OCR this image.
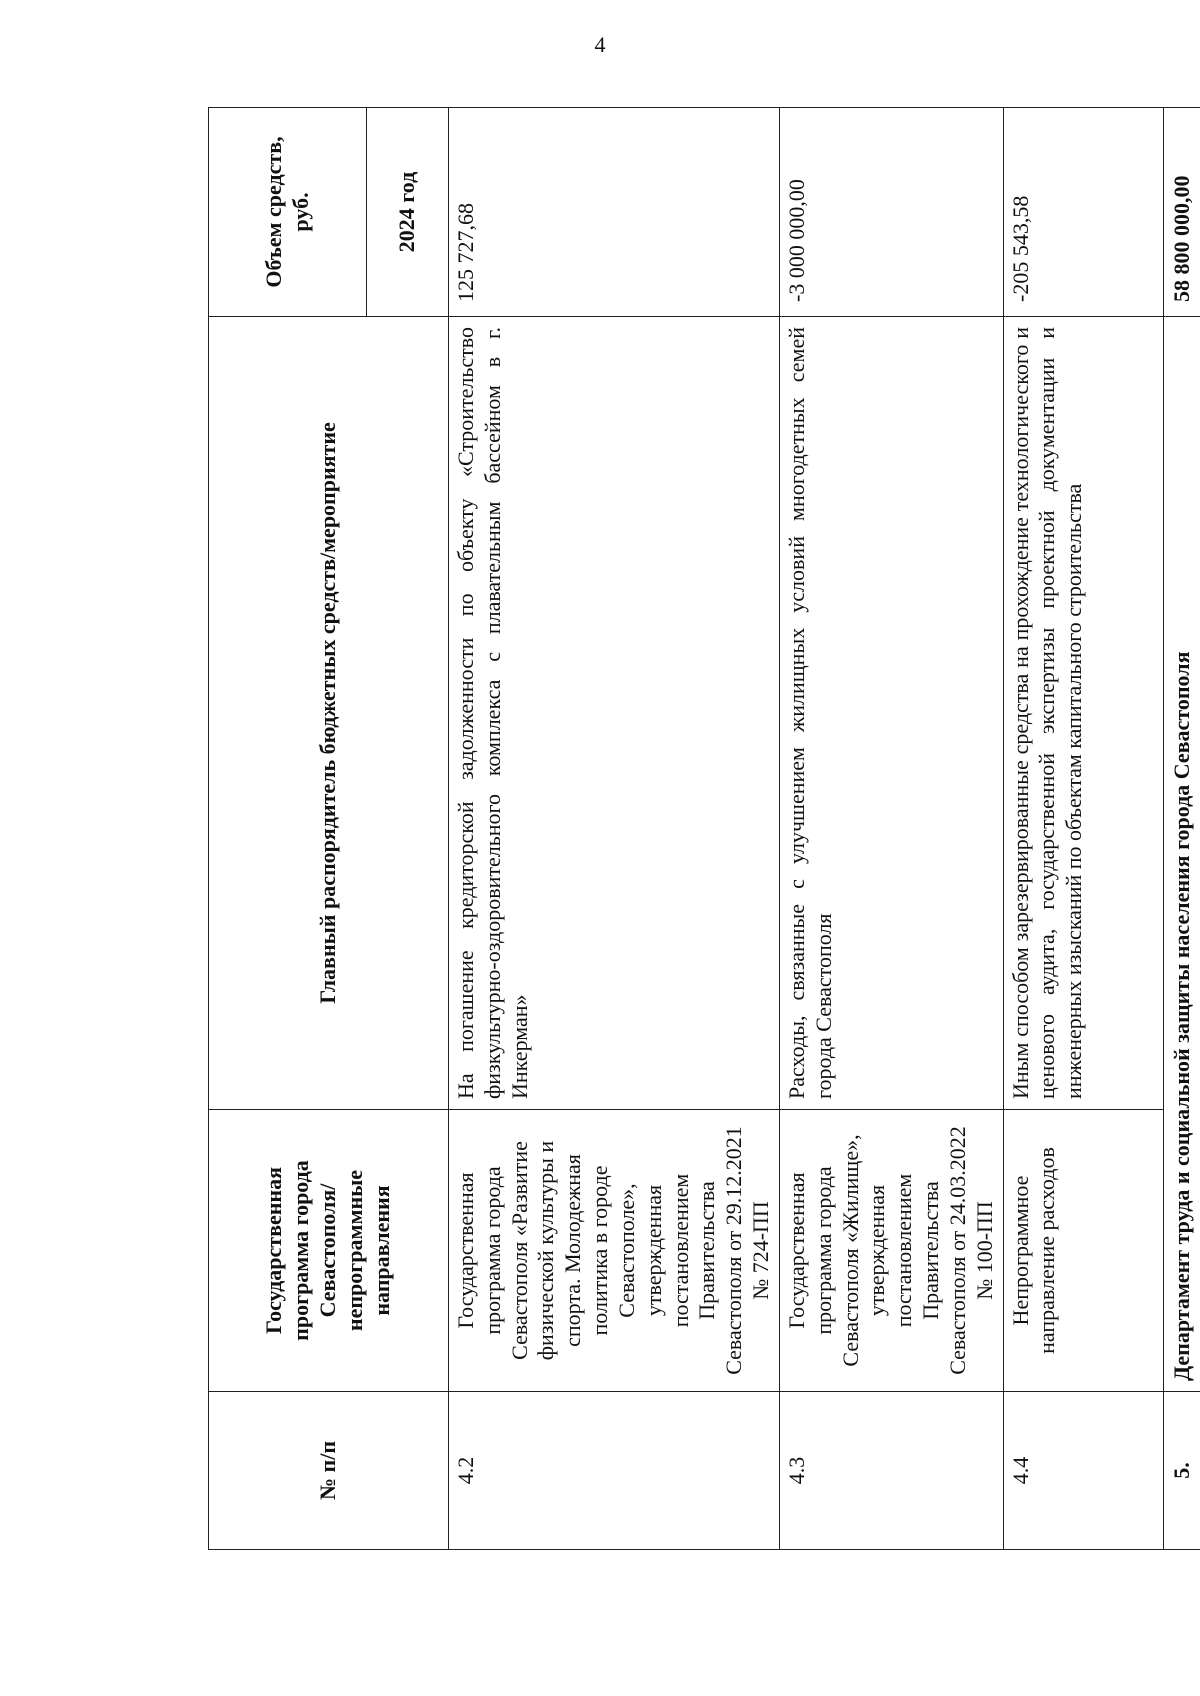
4
№ п/п	Государственная программа города Севастополя/ непрограммные направления	Главный распорядитель бюджетных средств/мероприятие	Объем средств, руб.
			2024 год
4.2	Государственная программа города Севастополя «Развитие физической культуры и спорта. Молодежная политика в городе Севастополе», утвержденная постановлением Правительства Севастополя от 29.12.2021 № 724-ПП	На погашение кредиторской задолженности по объекту «Строительство физкультурно-оздоровительного комплекса с плавательным бассейном в г. Инкерман»	125 727,68
4.3	Государственная программа города Севастополя «Жилище», утвержденная постановлением Правительства Севастополя от 24.03.2022 № 100-ПП	Расходы, связанные с улучшением жилищных условий многодетных семей города Севастополя	-3 000 000,00
4.4	Непрограммное направление расходов	Иным способом зарезервированные средства на прохождение технологического и ценового аудита, государственной экспертизы проектной документации и инженерных изысканий по объектам капитального строительства	-205 543,58
5.	Департамент труда и социальной защиты населения города Севастополя		58 800 000,00
